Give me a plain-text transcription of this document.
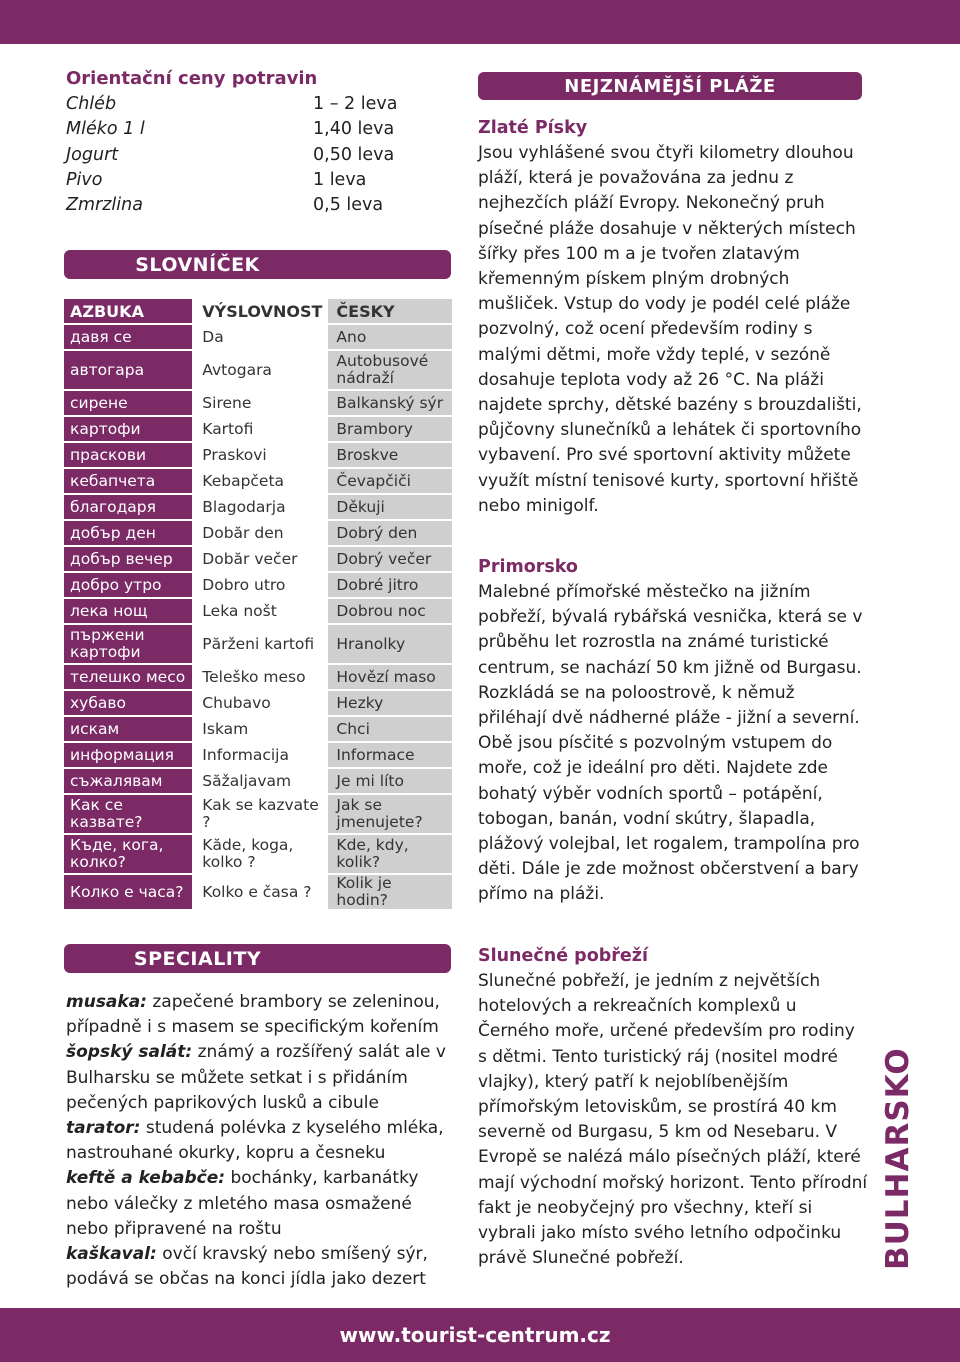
Orientační ceny potravin
Chléb	1 – 2 leva
Mléko 1 l	1,40 leva
Jogurt	0,50 leva
Pivo	1 leva
Zmrzlina	0,5 leva
SLOVNÍČEK
AZBUKA	VÝSLOVNOST	ČESKY
давя се	Da	Ano
автогара	Avtogara	Autobusové nádraží
сирене	Sirene	Balkanský sýr
картофи	Kartofi	Brambory
праскови	Praskovi	Broskve
кебапчета	Kebapčeta	Čevapčiči
благодаря	Blagodarja	Děkuji
добър ден	Dobăr den	Dobrý den
добър вечер	Dobăr večer	Dobrý večer
добро утро	Dobro utro	Dobré jitro
лека нощ	Leka nošt	Dobrou noc
пържени картофи	Părženi kartofi	Hranolky
телешко месо	Teleško meso	Hovězí maso
хубаво	Chubavo	Hezky
искам	Iskam	Chci
информация	Informacija	Informace
съжалявам	Săžaljavam	Je mi líto
Как се казвате?	Kak se kazvate ?	Jak se jmenujete?
Къде, кога, колко?	Kăde, koga, kolko ?	Kde, kdy, kolik?
Колко е часа?	Kolko e časa ?	Kolik je hodin?
SPECIALITY

musaka: zapečené brambory se zeleninou, případně i s masem se specifickým kořením

šopský salát: známý a rozšířený salát ale v Bulharsku se můžete setkat i s přidáním pečených paprikových lusků a cibule

tarator: studená polévka z kyselého mléka, nastrouhané okurky, kopru a česneku

keftě a kebabče: bochánky, karbanátky nebo válečky z mletého masa osmažené nebo připravené na roštu

kaškaval: ovčí kravský nebo smíšený sýr, podává se občas na konci jídla jako dezert

NEJZNÁMĚJŠÍ PLÁŽE
Zlaté Písky

Jsou vyhlášené svou čtyři kilometry dlouhou pláží, která je považována za jednu z nejhezčích pláží Evropy. Nekonečný pruh písečné pláže dosahuje v některých místech šířky přes 100 m a je tvořen zlatavým křemenným pískem plným drobných mušliček. Vstup do vody je podél celé pláže pozvolný, což ocení především rodiny s malými dětmi, moře vždy teplé, v sezóně dosahuje teplota vody až 26 °C. Na pláži najdete sprchy, dětské bazény s brouzdališti, půjčovny slunečníků a lehátek či sportovního vybavení. Pro své sportovní aktivity můžete využít místní tenisové kurty, sportovní hřiště nebo minigolf.

Primorsko

Malebné přímořské městečko na jižním pobřeží, bývalá rybářská vesnička, která se v průběhu let rozrostla na známé turistické centrum, se nachází 50 km jižně od Burgasu. Rozkládá se na poloostrově, k němuž přiléhají dvě nádherné pláže - jižní a severní. Obě jsou písčité s pozvolným vstupem do moře, což je ideální pro děti. Najdete zde bohatý výběr vodních sportů – potápění, tobogan, banán, vodní skútry, šlapadla, plážový volejbal, let rogalem, trampolína pro děti. Dále je zde možnost občerstvení a bary přímo na pláži.

Slunečné pobřeží

Slunečné pobřeží, je jedním z největších hotelových a rekreačních komplexů u Černého moře, určené především pro rodiny s dětmi. Tento turistický ráj (nositel modré vlajky), který patří k nejoblíbenějším přímořským letoviskům, se prostírá 40 km severně od Burgasu, 5 km od Nesebaru. V Evropě se nalézá málo písečných pláží, které mají východní mořský horizont. Tento přírodní fakt je neobyčejný pro všechny, kteří si vybrali jako místo svého letního odpočinku právě Slunečné pobřeží.	BULHARSKO
www.tourist-centrum.cz
